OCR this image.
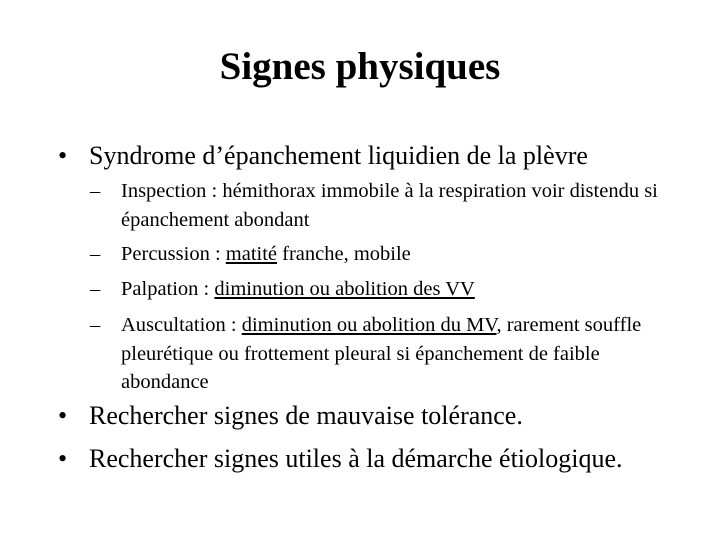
Signes physiques
• Syndrome d’épanchement liquidien de la plèvre
– Inspection : hémithorax immobile à la respiration voir distendu si épanchement abondant
– Percussion : matité franche, mobile
– Palpation : diminution ou abolition des VV
– Auscultation : diminution ou abolition du MV, rarement souffle pleurétique ou frottement pleural si épanchement de faible abondance
• Rechercher signes de mauvaise tolérance.
• Rechercher signes utiles à la démarche étiologique.
